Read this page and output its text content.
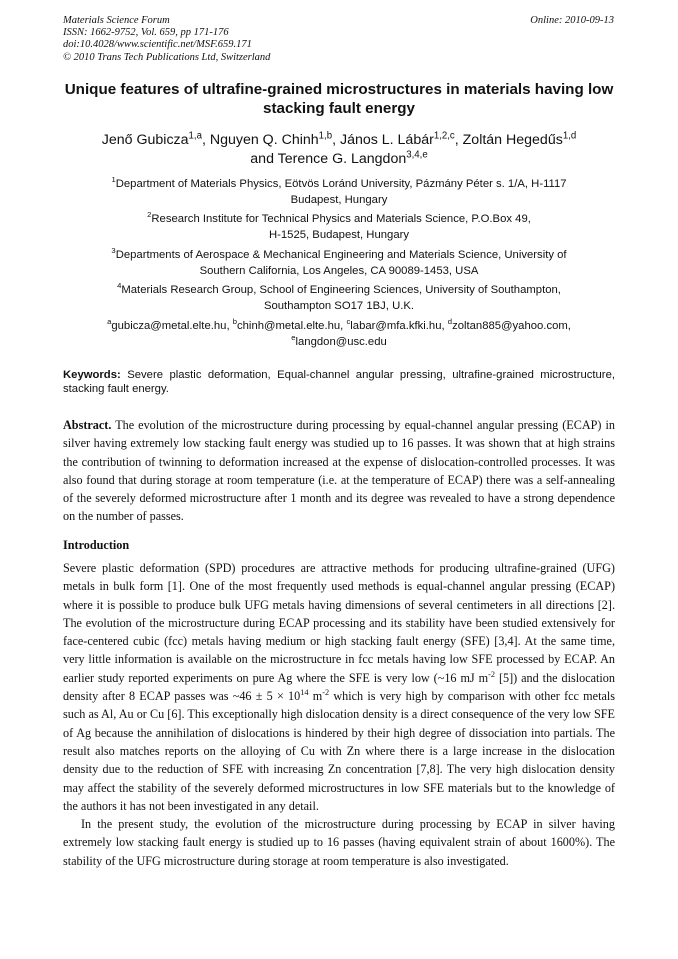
Materials Science Forum
ISSN: 1662-9752, Vol. 659, pp 171-176
doi:10.4028/www.scientific.net/MSF.659.171
© 2010 Trans Tech Publications Ltd, Switzerland
Online: 2010-09-13
Unique features of ultrafine-grained microstructures in materials having low stacking fault energy
Jenő Gubicza$^{1,a}$, Nguyen Q. Chinh$^{1,b}$, János L. Lábár$^{1,2,c}$, Zoltán Hegedűs$^{1,d}$
and Terence G. Langdon$^{3,4,e}$
$^1$Department of Materials Physics, Eötvös Loránd University, Pázmány Péter s. 1/A, H-1117
Budapest, Hungary
$^2$Research Institute for Technical Physics and Materials Science, P.O.Box 49,
H-1525, Budapest, Hungary
$^3$Departments of Aerospace & Mechanical Engineering and Materials Science, University of
Southern California, Los Angeles, CA 90089-1453, USA
$^4$Materials Research Group, School of Engineering Sciences, University of Southampton,
Southampton SO17 1BJ, U.K.
$^a$gubicza@metal.elte.hu, $^b$chinh@metal.elte.hu, $^c$labar@mfa.kfki.hu, $^d$zoltan885@yahoo.com,
$^e$langdon@usc.edu
Keywords: Severe plastic deformation, Equal-channel angular pressing, ultrafine-grained microstructure, stacking fault energy.
Abstract. The evolution of the microstructure during processing by equal-channel angular pressing (ECAP) in silver having extremely low stacking fault energy was studied up to 16 passes. It was shown that at high strains the contribution of twinning to deformation increased at the expense of dislocation-controlled processes. It was also found that during storage at room temperature (i.e. at the temperature of ECAP) there was a self-annealing of the severely deformed microstructure after 1 month and its degree was revealed to have a strong dependence on the number of passes.
Introduction

Severe plastic deformation (SPD) procedures are attractive methods for producing ultrafine-grained (UFG) metals in bulk form [1]. One of the most frequently used methods is equal-channel angular pressing (ECAP) where it is possible to produce bulk UFG metals having dimensions of several centimeters in all directions [2]. The evolution of the microstructure during ECAP processing and its stability have been studied extensively for face-centered cubic (fcc) metals having medium or high stacking fault energy (SFE) [3,4]. At the same time, very little information is available on the microstructure in fcc metals having low SFE processed by ECAP. An earlier study reported experiments on pure Ag where the SFE is very low (~16 mJ $m^{-2}$ [5]) and the dislocation density after 8 ECAP passes was ~46 ± $5 \times 10^{14}$ $m^{-2}$ which is very high by comparison with other fcc metals such as Al, Au or Cu [6]. This exceptionally high dislocation density is a direct consequence of the very low SFE of Ag because the annihilation of dislocations is hindered by their high degree of dissociation into partials. The result also matches reports on the alloying of Cu with Zn where there is a large increase in the dislocation density due to the reduction of SFE with increasing Zn concentration [7,8]. The very high dislocation density may affect the stability of the severely deformed microstructures in low SFE materials but to the knowledge of the authors it has not been investigated in any detail.

In the present study, the evolution of the microstructure during processing by ECAP in silver having extremely low stacking fault energy is studied up to 16 passes (having equivalent strain of about 1600%). The stability of the UFG microstructure during storage at room temperature is also investigated.
